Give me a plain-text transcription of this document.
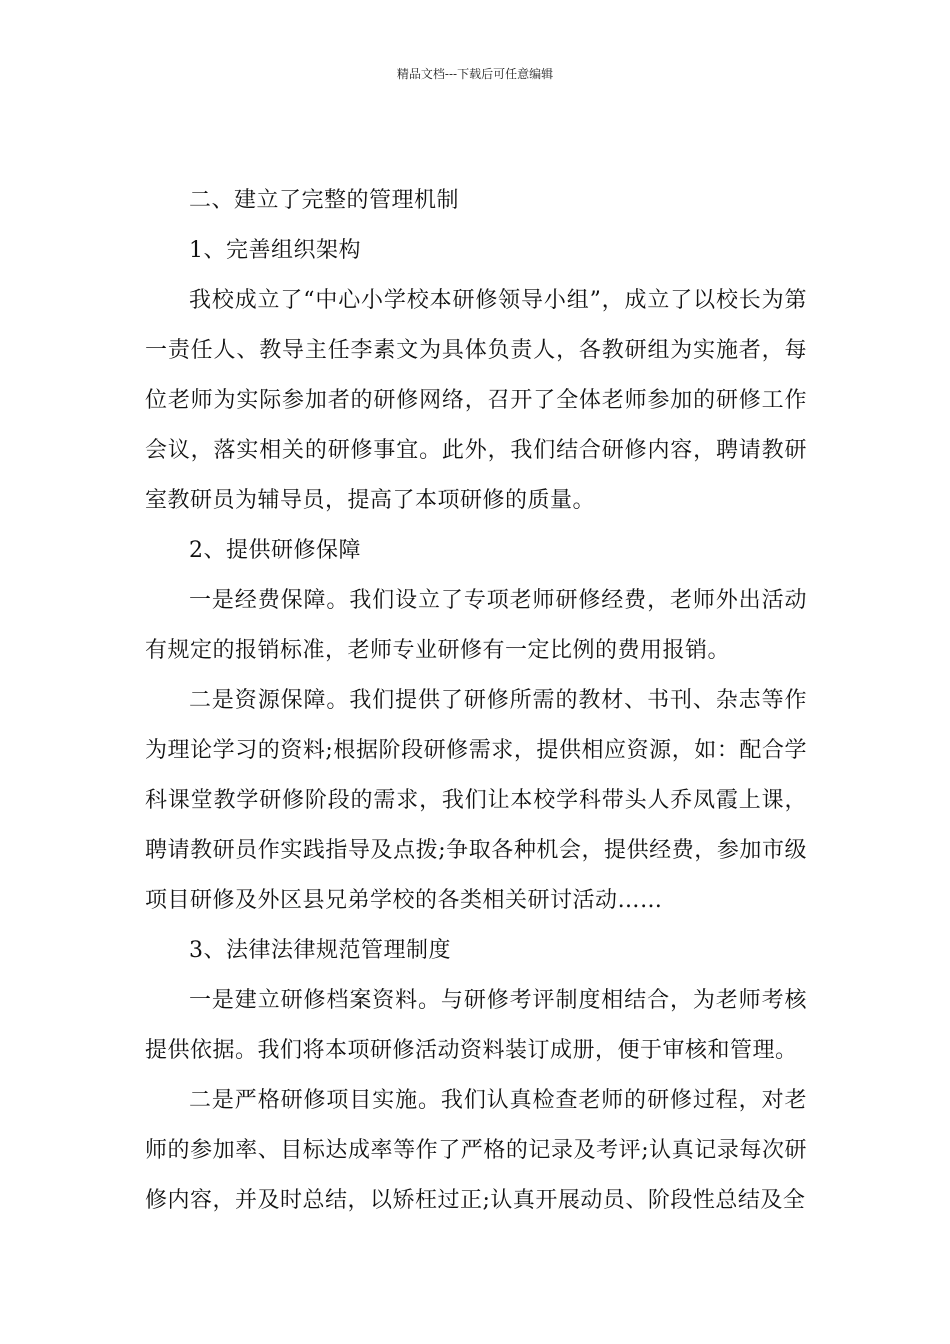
精品文档---下载后可任意编辑

二、建立了完整的管理机制

1、完善组织架构

我校成立了“中心小学校本研修领导小组”，成立了以校长为第一责任人、教导主任李素文为具体负责人，各教研组为实施者，每位老师为实际参加者的研修网络，召开了全体老师参加的研修工作会议，落实相关的研修事宜。此外，我们结合研修内容，聘请教研室教研员为辅导员，提高了本项研修的质量。

2、提供研修保障

一是经费保障。我们设立了专项老师研修经费，老师外出活动有规定的报销标准，老师专业研修有一定比例的费用报销。

二是资源保障。我们提供了研修所需的教材、书刊、杂志等作为理论学习的资料;根据阶段研修需求，提供相应资源，如：配合学科课堂教学研修阶段的需求，我们让本校学科带头人乔凤霞上课，聘请教研员作实践指导及点拨;争取各种机会，提供经费，参加市级项目研修及外区县兄弟学校的各类相关研讨活动……

3、法律法律规范管理制度

一是建立研修档案资料。与研修考评制度相结合，为老师考核提供依据。我们将本项研修活动资料装订成册，便于审核和管理。

二是严格研修项目实施。我们认真检查老师的研修过程，对老师的参加率、目标达成率等作了严格的记录及考评;认真记录每次研修内容，并及时总结，以矫枉过正;认真开展动员、阶段性总结及全
